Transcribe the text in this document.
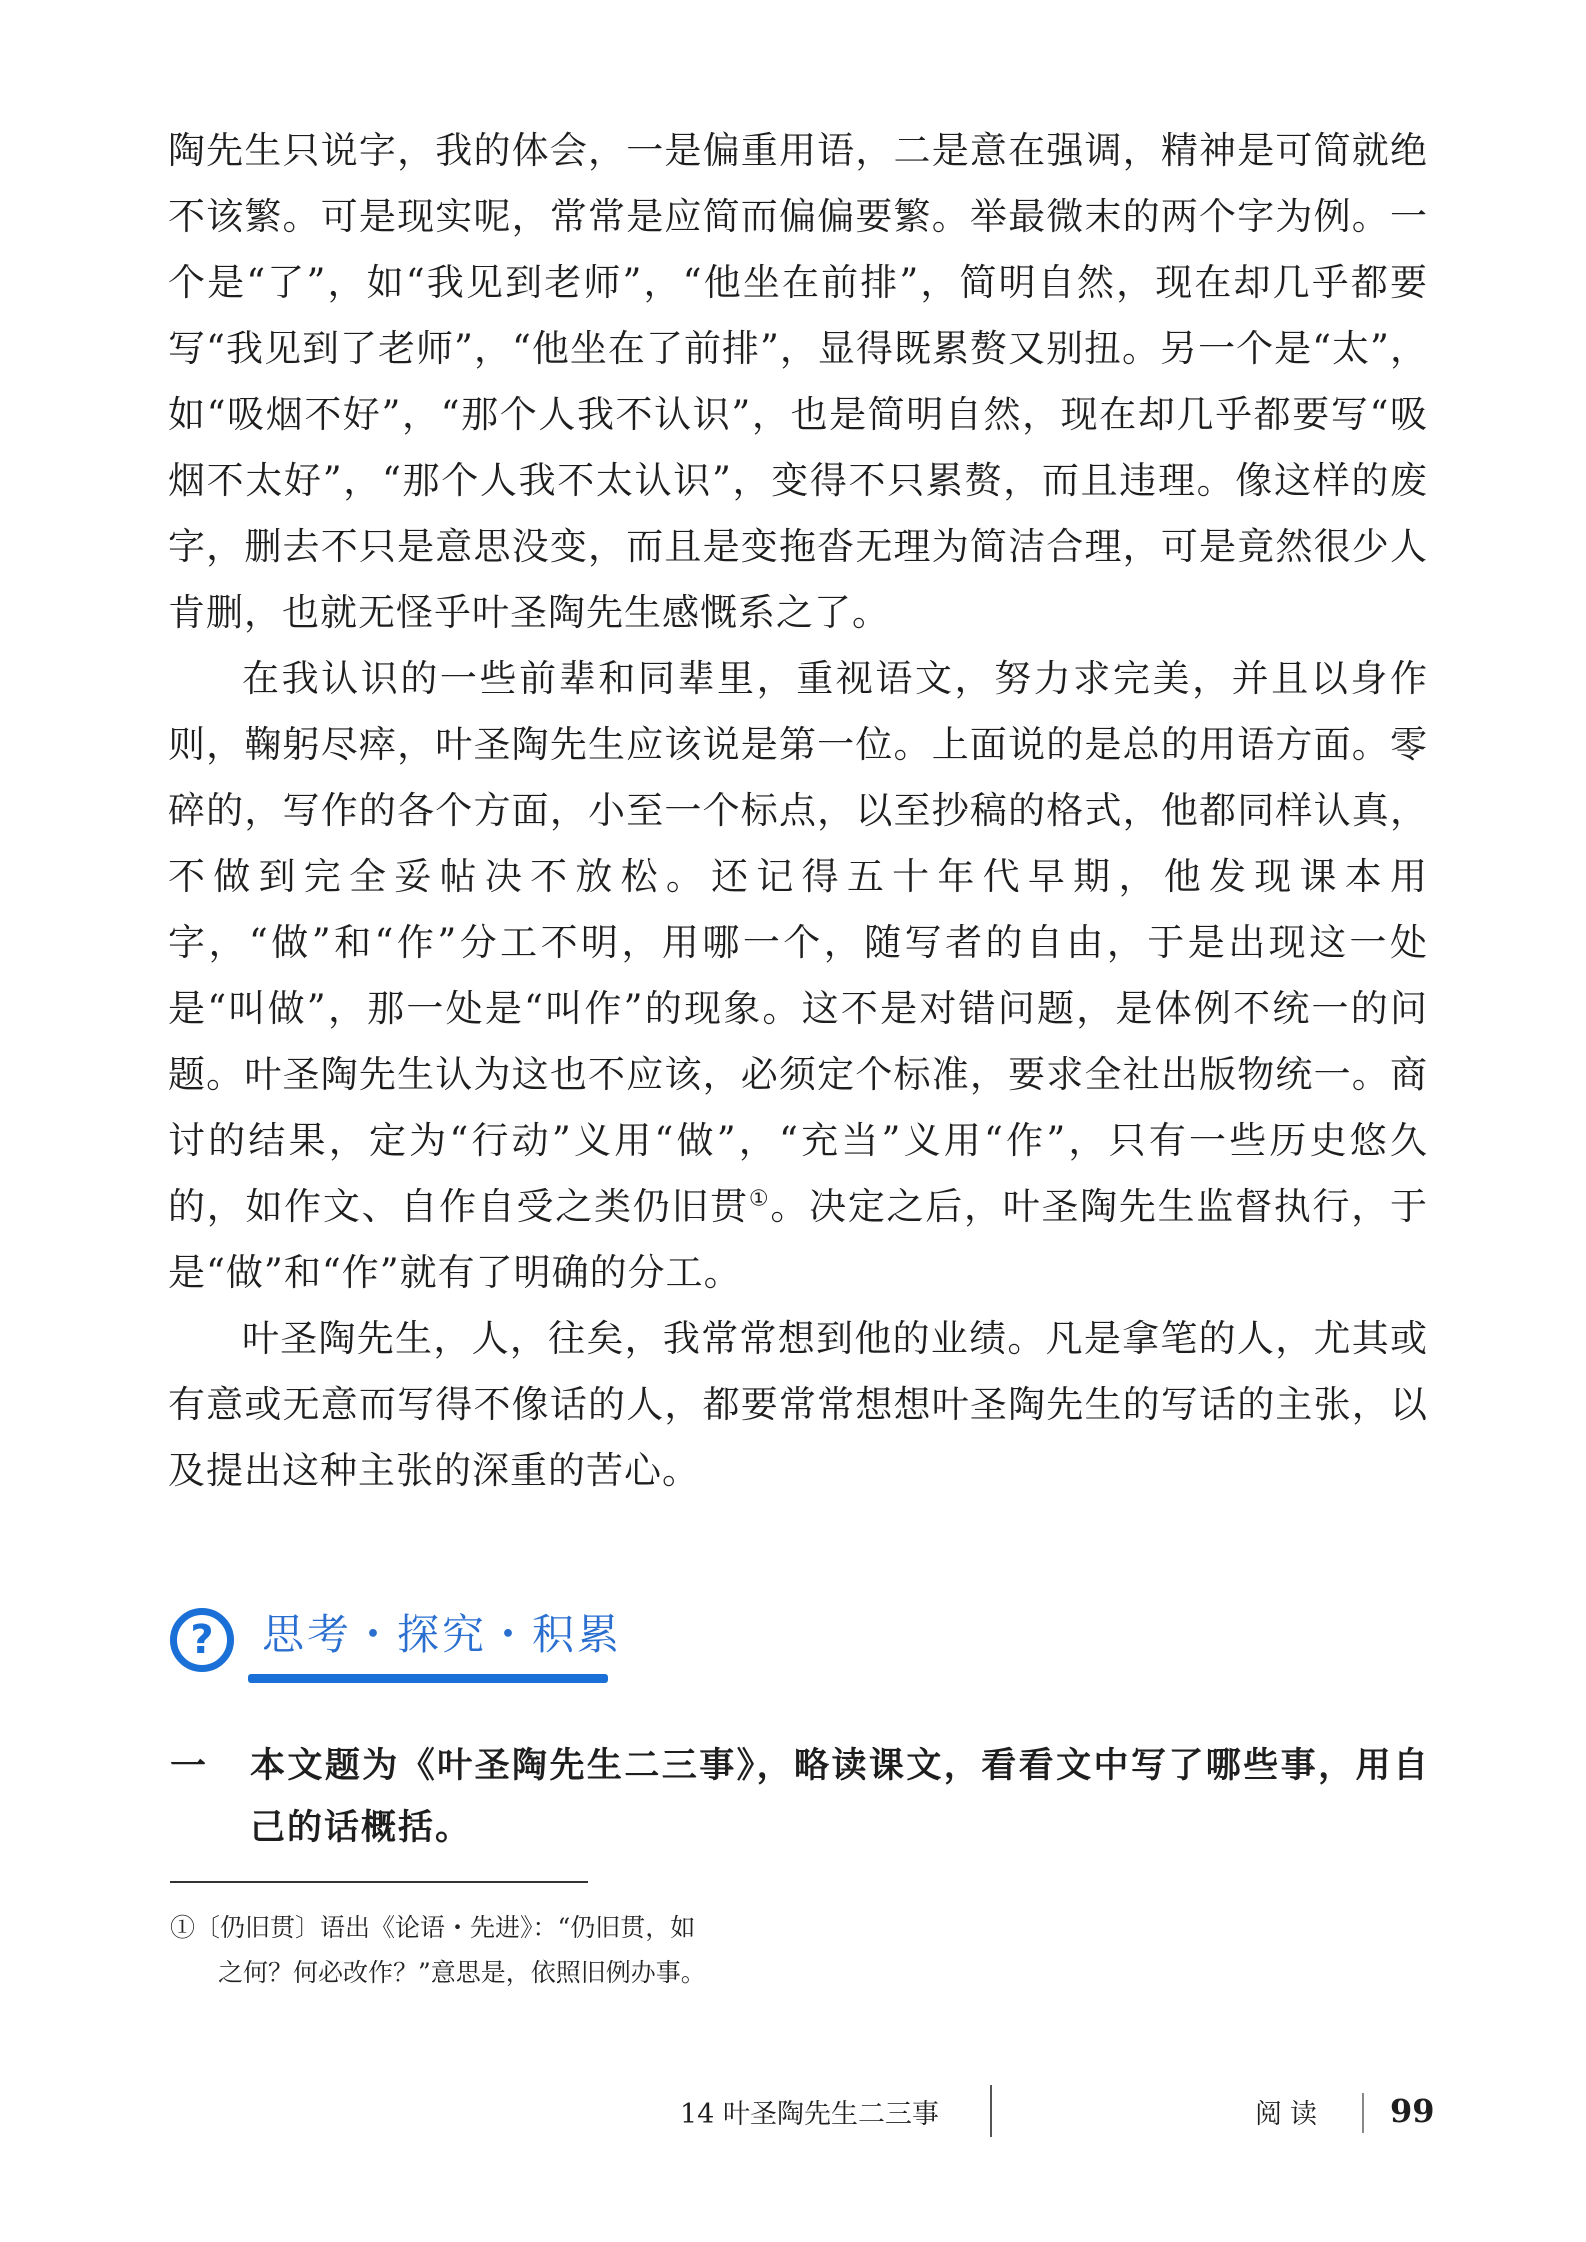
陶先生只说字，我的体会，一是偏重用语，二是意在强调，精神是可简就绝不该繁。可是现实呢，常常是应简而偏偏要繁。举最微末的两个字为例。一个是“了”，如“我见到老师”，“他坐在前排”，简明自然，现在却几乎都要写“我见到了老师”，“他坐在了前排”，显得既累赘又别扭。另一个是“太”，如“吸烟不好”，“那个人我不认识”，也是简明自然，现在却几乎都要写“吸烟不太好”，“那个人我不太认识”，变得不只累赘，而且违理。像这样的废字，删去不只是意思没变，而且是变拖沓无理为简洁合理，可是竟然很少人肯删，也就无怪乎叶圣陶先生感慨系之了。

在我认识的一些前辈和同辈里，重视语文，努力求完美，并且以身作则，鞠躬尽瘁，叶圣陶先生应该说是第一位。上面说的是总的用语方面。零碎的，写作的各个方面，小至一个标点，以至抄稿的格式，他都同样认真，不做到完全妥帖决不放松。还记得五十年代早期，他发现课本用字，“做”和“作”分工不明，用哪一个，随写者的自由，于是出现这一处是“叫做”，那一处是“叫作”的现象。这不是对错问题，是体例不统一的问题。叶圣陶先生认为这也不应该，必须定个标准，要求全社出版物统一。商讨的结果，定为“行动”义用“做”，“充当”义用“作”，只有一些历史悠久的，如作文、自作自受之类仍旧贯①。决定之后，叶圣陶先生监督执行，于是“做”和“作”就有了明确的分工。

叶圣陶先生，人，往矣，我常常想到他的业绩。凡是拿笔的人，尤其或有意或无意而写得不像话的人，都要常常想想叶圣陶先生的写话的主张，以及提出这种主张的深重的苦心。

?	思考・探究・积累
一 本文题为《叶圣陶先生二三事》，略读课文，看看文中写了哪些事，用自己的话概括。
①〔仍旧贯〕语出《论语・先进》：“仍旧贯，如
之何？何必改作？”意思是，依照旧例办事。
14 叶圣陶先生二三事	阅读 99
